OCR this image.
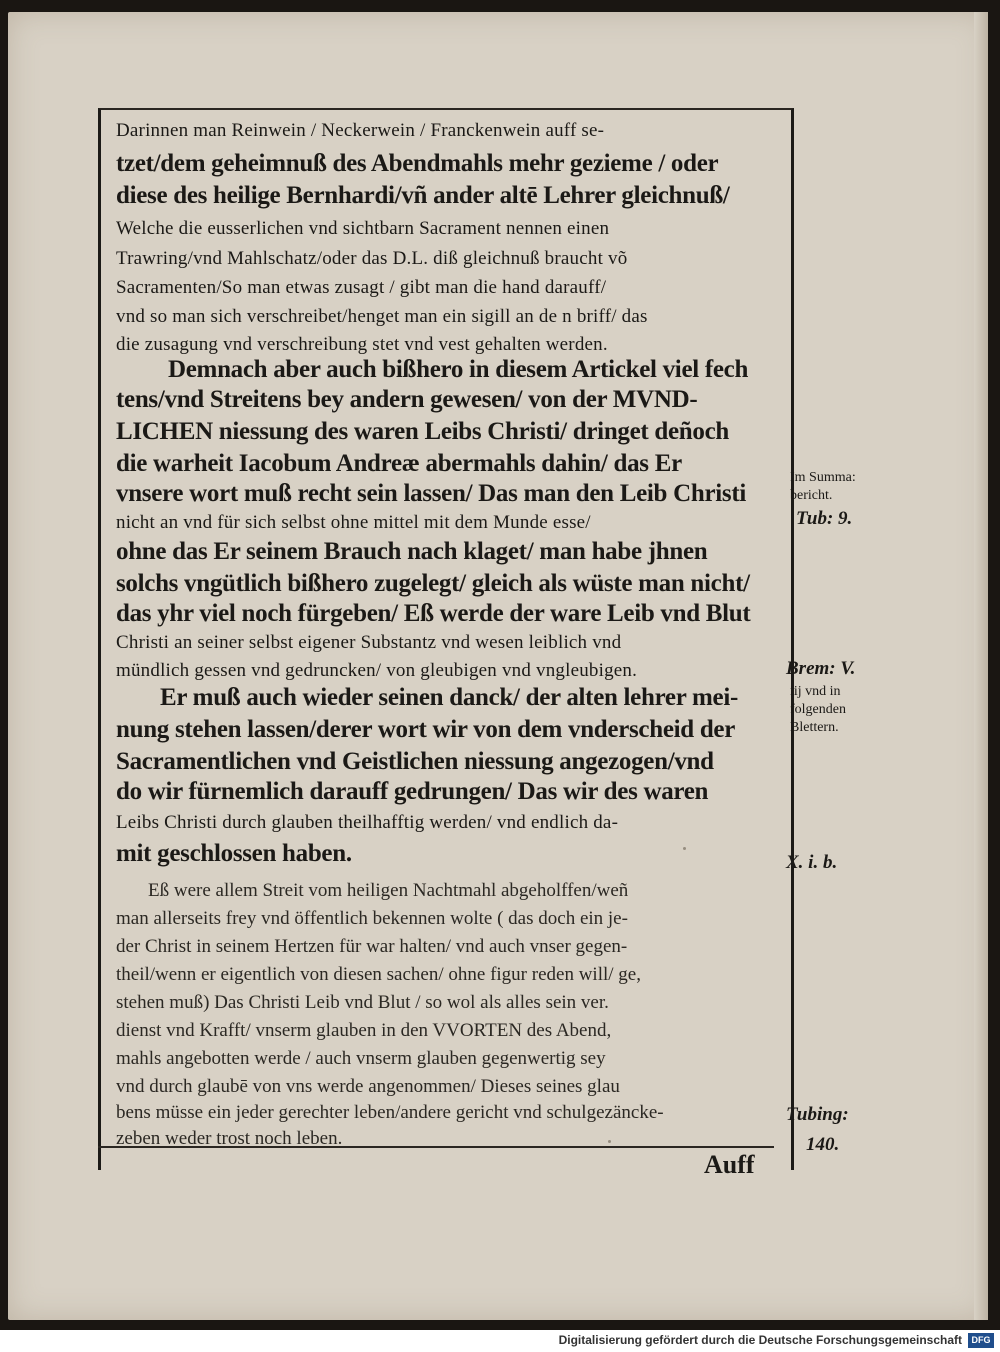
Darinnen man Reinwein / Neckerwein / Franckenwein auff se-
tzet/dem geheimnuß des Abendmahls mehr gezieme / oder
diese des heilige Bernhardi/vñ ander altē Lehrer gleichnuß/
Welche die eusserlichen vnd sichtbarn Sacrament nennen einen
Trawring/vnd Mahlschatz/oder das D.L. diß gleichnuß braucht võ
Sacramenten/So man etwas zusagt / gibt man die hand darauff/
vnd so man sich verschreibet/henget man ein sigill an de n briff/ das
die zusagung vnd verschreibung stet vnd vest gehalten werden.
Demnach aber auch bißhero in diesem Artickel viel fech
tens/vnd Streitens bey andern gewesen/ von der MVND-
LICHEN niessung des waren Leibs Christi/ dringet deñoch
die warheit Iacobum Andreæ abermahls dahin/ das Er
vnsere wort muß recht sein lassen/ Das man den Leib Christi
nicht an vnd für sich selbst ohne mittel mit dem Munde esse/
ohne das Er seinem Brauch nach klaget/ man habe jhnen
solchs vngütlich bißhero zugelegt/ gleich als wüste man nicht/
das yhr viel noch fürgeben/ Eß werde der ware Leib vnd Blut
Christi an seiner selbst eigener Substantz vnd wesen leiblich vnd
mündlich gessen vnd gedruncken/ von gleubigen vnd vngleubigen.
Er muß auch wieder seinen danck/ der alten lehrer mei-
nung stehen lassen/derer wort wir von dem vnderscheid der
Sacramentlichen vnd Geistlichen niessung angezogen/vnd
do wir fürnemlich darauff gedrungen/ Das wir des waren
Leibs Christi durch glauben theilhafftig werden/ vnd endlich da-
mit geschlossen haben.
Eß were allem Streit vom heiligen Nachtmahl abgeholffen/weñ
man allerseits frey vnd öffentlich bekennen wolte ( das doch ein je-
der Christ in seinem Hertzen für war halten/ vnd auch vnser gegen-
theil/wenn er eigentlich von diesen sachen/ ohne figur reden will/ ge,
stehen muß) Das Christi Leib vnd Blut / so wol als alles sein ver.
dienst vnd Krafft/ vnserm glauben in den VVORTEN des Abend,
mahls angebotten werde / auch vnserm glauben gegenwertig sey
vnd durch glaubē von vns werde angenommen/ Dieses seines glau
bens müsse ein jeder gerechter leben/andere gericht vnd schulgezäncke-
zeben weder trost noch leben.
Auff
Im Summa:
bericht.
Tub: 9.
Brem: V.
iij vnd in
folgenden
Blettern.
X. i. b.
Tubing:
140.
Digitalisierung gefördert durch die Deutsche Forschungsgemeinschaft	DFG
